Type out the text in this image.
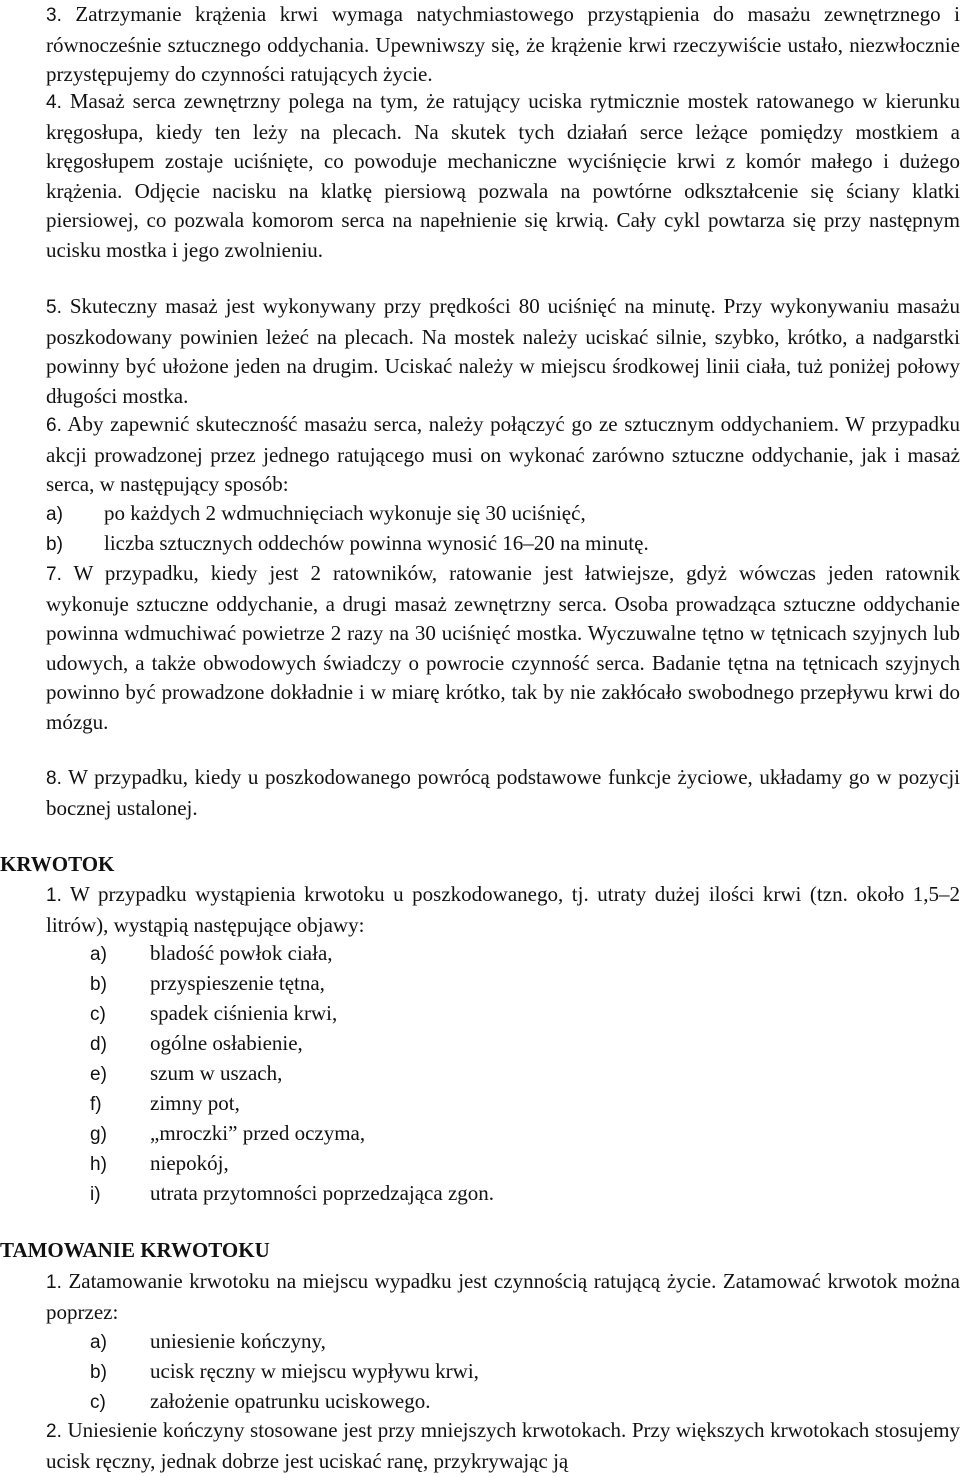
3. Zatrzymanie krążenia krwi wymaga natychmiastowego przystąpienia do masażu zewnętrznego i równocześnie sztucznego oddychania. Upewniwszy się, że krążenie krwi rzeczywiście ustało, niezwłocznie przystępujemy do czynności ratujących życie.

4. Masaż serca zewnętrzny polega na tym, że ratujący uciska rytmicznie mostek ratowanego w kierunku kręgosłupa, kiedy ten leży na plecach. Na skutek tych działań serce leżące pomiędzy mostkiem a kręgosłupem zostaje uciśnięte, co powoduje mechaniczne wyciśnięcie krwi z komór małego i dużego krążenia. Odjęcie nacisku na klatkę piersiową pozwala na powtórne odkształcenie się ściany klatki piersiowej, co pozwala komorom serca na napełnienie się krwią. Cały cykl powtarza się przy następnym ucisku mostka i jego zwolnieniu.

5. Skuteczny masaż jest wykonywany przy prędkości 80 uciśnięć na minutę. Przy wykonywaniu masażu poszkodowany powinien leżeć na plecach. Na mostek należy uciskać silnie, szybko, krótko, a nadgarstki powinny być ułożone jeden na drugim. Uciskać należy w miejscu środkowej linii ciała, tuż poniżej połowy długości mostka.

6. Aby zapewnić skuteczność masażu serca, należy połączyć go ze sztucznym oddychaniem. W przypadku akcji prowadzonej przez jednego ratującego musi on wykonać zarówno sztuczne oddychanie, jak i masaż serca, w następujący sposób:

a) po każdych 2 wdmuchnięciach wykonuje się 30 uciśnięć,

b) liczba sztucznych oddechów powinna wynosić 16–20 na minutę.

7. W przypadku, kiedy jest 2 ratowników, ratowanie jest łatwiejsze, gdyż wówczas jeden ratownik wykonuje sztuczne oddychanie, a drugi masaż zewnętrzny serca. Osoba prowadząca sztuczne oddychanie powinna wdmuchiwać powietrze 2 razy na 30 uciśnięć mostka. Wyczuwalne tętno w tętnicach szyjnych lub udowych, a także obwodowych świadczy o powrocie czynność serca. Badanie tętna na tętnicach szyjnych powinno być prowadzone dokładnie i w miarę krótko, tak by nie zakłócało swobodnego przepływu krwi do mózgu.

8. W przypadku, kiedy u poszkodowanego powrócą podstawowe funkcje życiowe, układamy go w pozycji bocznej ustalonej.

KRWOTOK

1. W przypadku wystąpienia krwotoku u poszkodowanego, tj. utraty dużej ilości krwi (tzn. około 1,5–2 litrów), wystąpią następujące objawy:

a) bladość powłok ciała,

b) przyspieszenie tętna,

c) spadek ciśnienia krwi,

d) ogólne osłabienie,

e) szum w uszach,

f) zimny pot,

g) „mroczki” przed oczyma,

h) niepokój,

i) utrata przytomności poprzedzająca zgon.

TAMOWANIE KRWOTOKU

1. Zatamowanie krwotoku na miejscu wypadku jest czynnością ratującą życie. Zatamować krwotok można poprzez:

a) uniesienie kończyny,

b) ucisk ręczny w miejscu wypływu krwi,

c) założenie opatrunku uciskowego.

2. Uniesienie kończyny stosowane jest przy mniejszych krwotokach. Przy większych krwotokach stosujemy ucisk ręczny, jednak dobrze jest uciskać ranę, przykrywając ją
